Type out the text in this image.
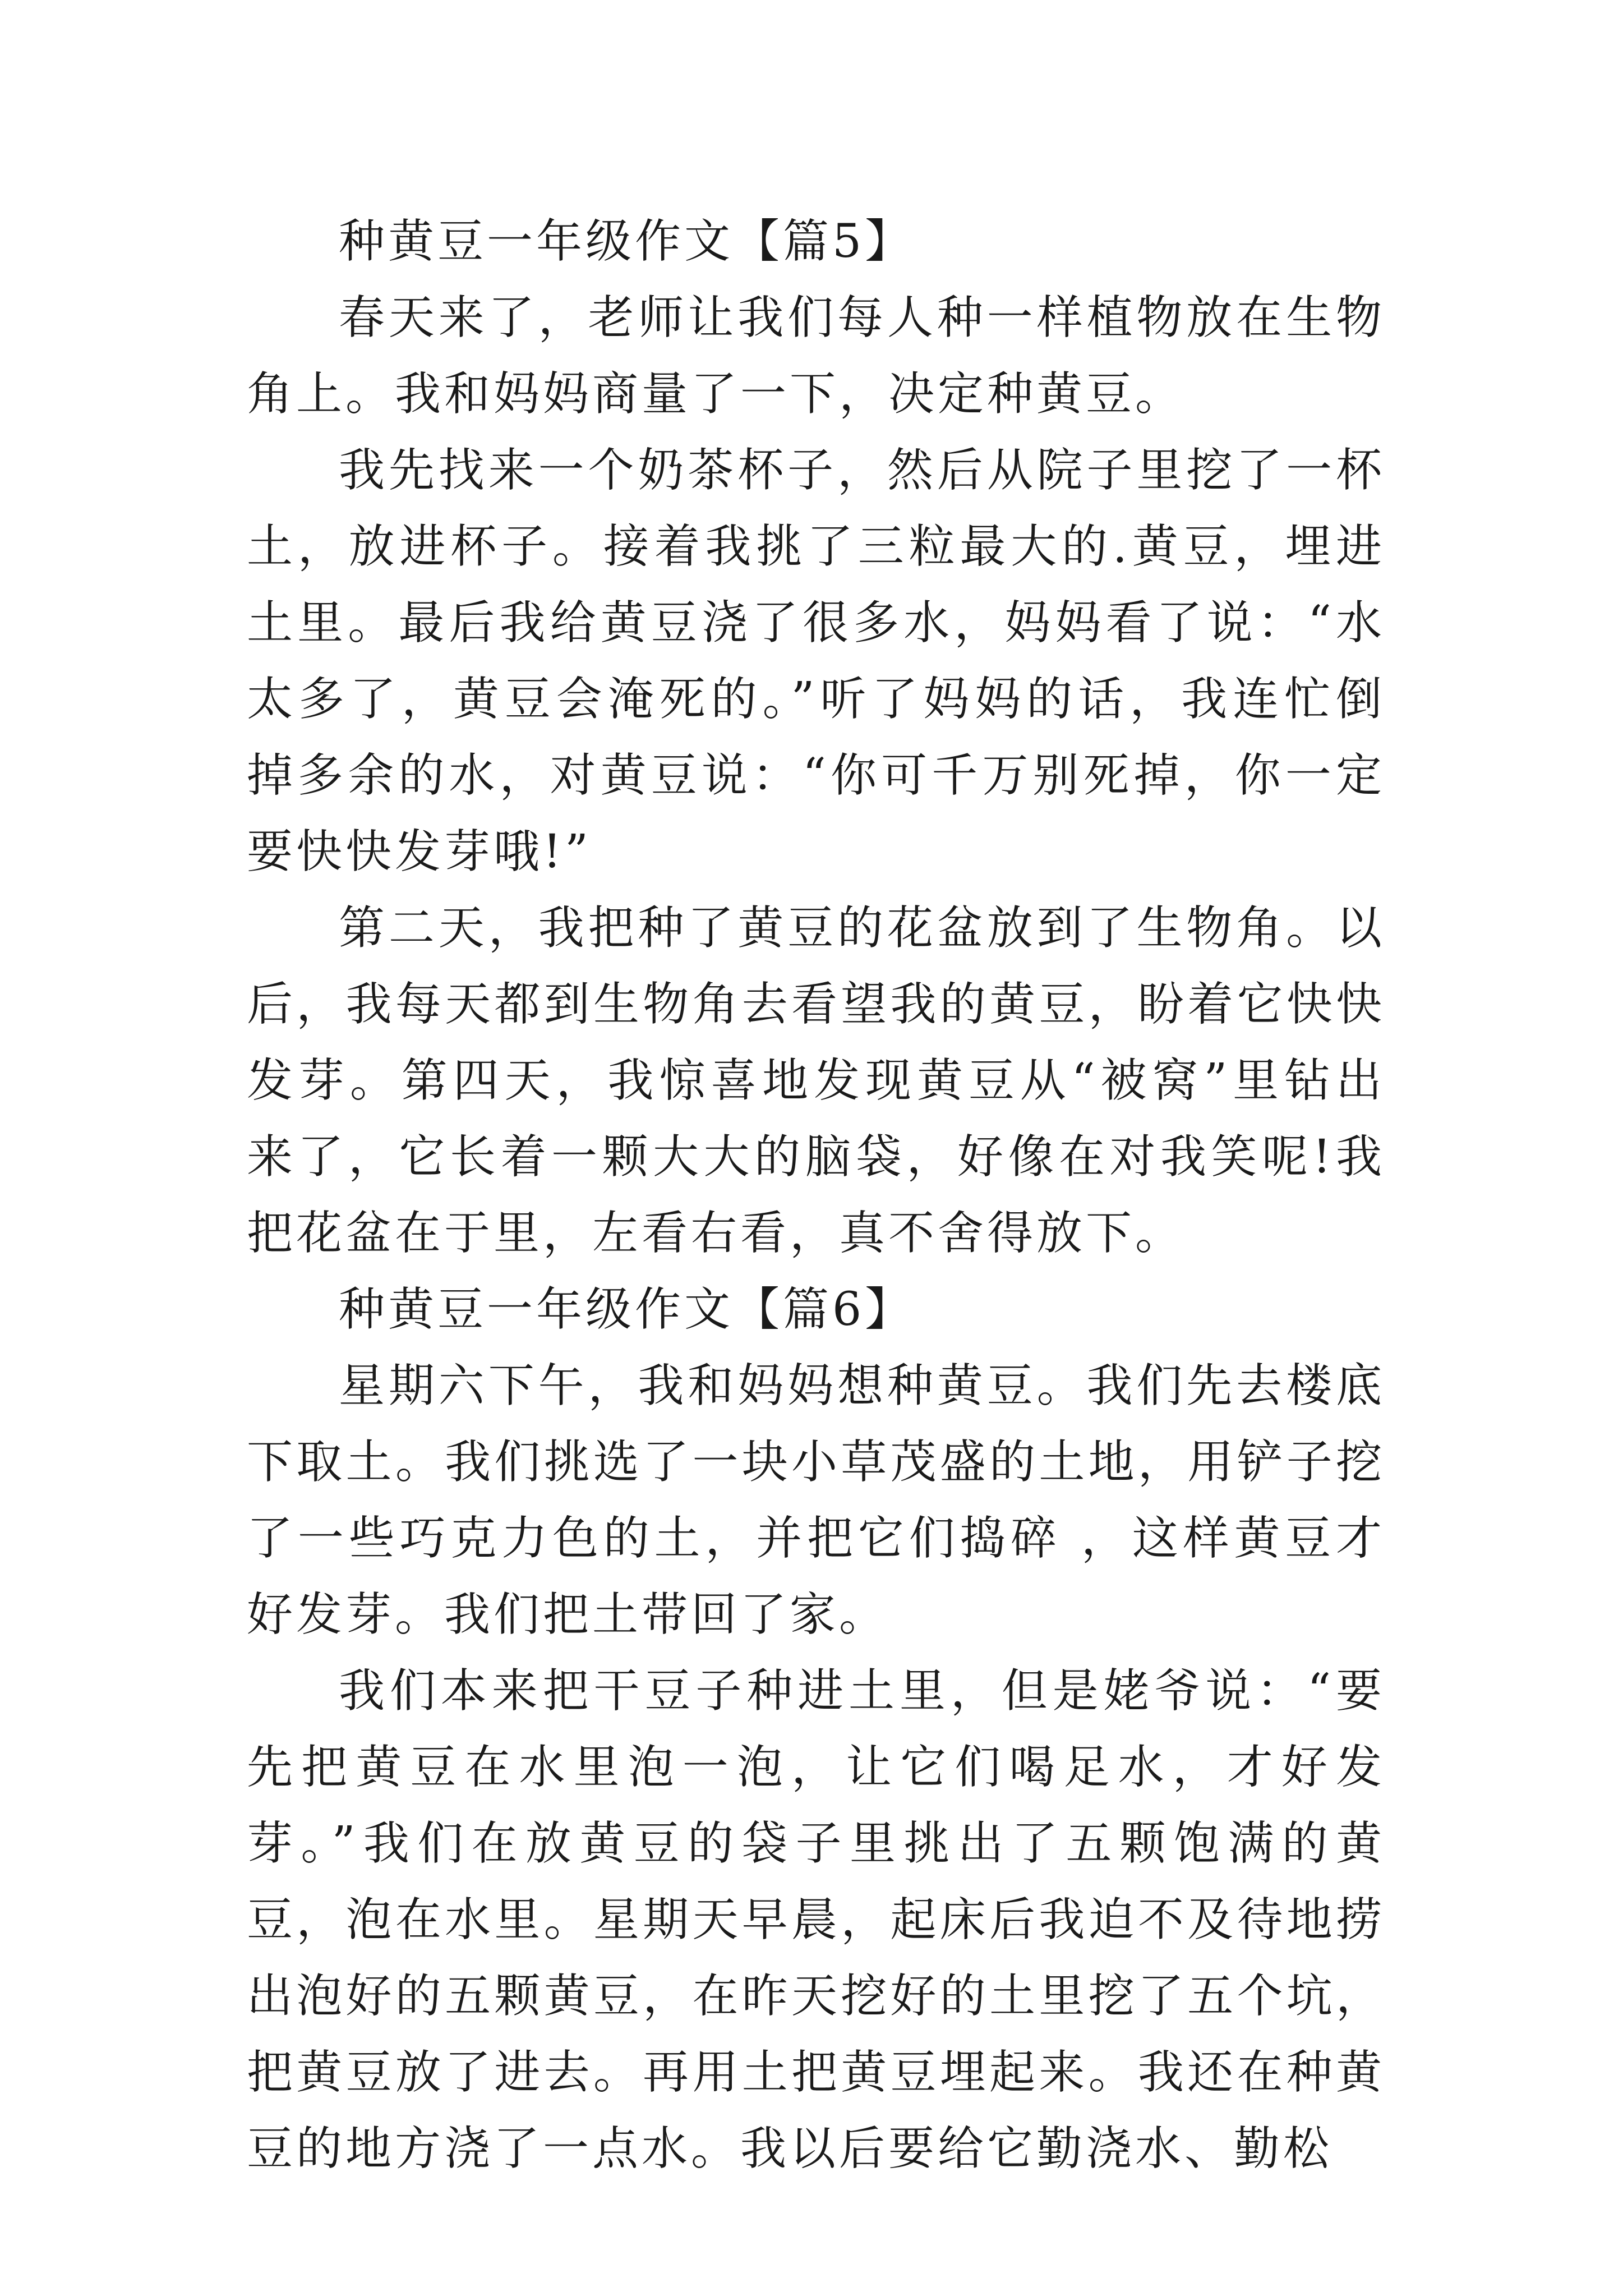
种黄豆一年级作文【篇5】

春天来了，老师让我们每人种一样植物放在生物角上。我和妈妈商量了一下，决定种黄豆。

我先找来一个奶茶杯子，然后从院子里挖了一杯土，放进杯子。接着我挑了三粒最大的.黄豆，埋进土里。最后我给黄豆浇了很多水，妈妈看了说：“水太多了，黄豆会淹死的。”听了妈妈的话，我连忙倒掉多余的水，对黄豆说：“你可千万别死掉，你一定要快快发芽哦!”

第二天，我把种了黄豆的花盆放到了生物角。以后，我每天都到生物角去看望我的黄豆，盼着它快快发芽。第四天，我惊喜地发现黄豆从“被窝”里钻出来了，它长着一颗大大的脑袋，好像在对我笑呢!我把花盆在于里，左看右看，真不舍得放下。

种黄豆一年级作文【篇6】

星期六下午，我和妈妈想种黄豆。我们先去楼底下取土。我们挑选了一块小草茂盛的土地，用铲子挖了一些巧克力色的土，并把它们捣碎 ，这样黄豆才好发芽。我们把土带回了家。

我们本来把干豆子种进土里，但是姥爷说：“要先把黄豆在水里泡一泡，让它们喝足水，才好发芽。”我们在放黄豆的袋子里挑出了五颗饱满的黄豆，泡在水里。星期天早晨，起床后我迫不及待地捞出泡好的五颗黄豆，在昨天挖好的土里挖了五个坑，把黄豆放了进去。再用土把黄豆埋起来。我还在种黄豆的地方浇了一点水。我以后要给它勤浇水、勤松
